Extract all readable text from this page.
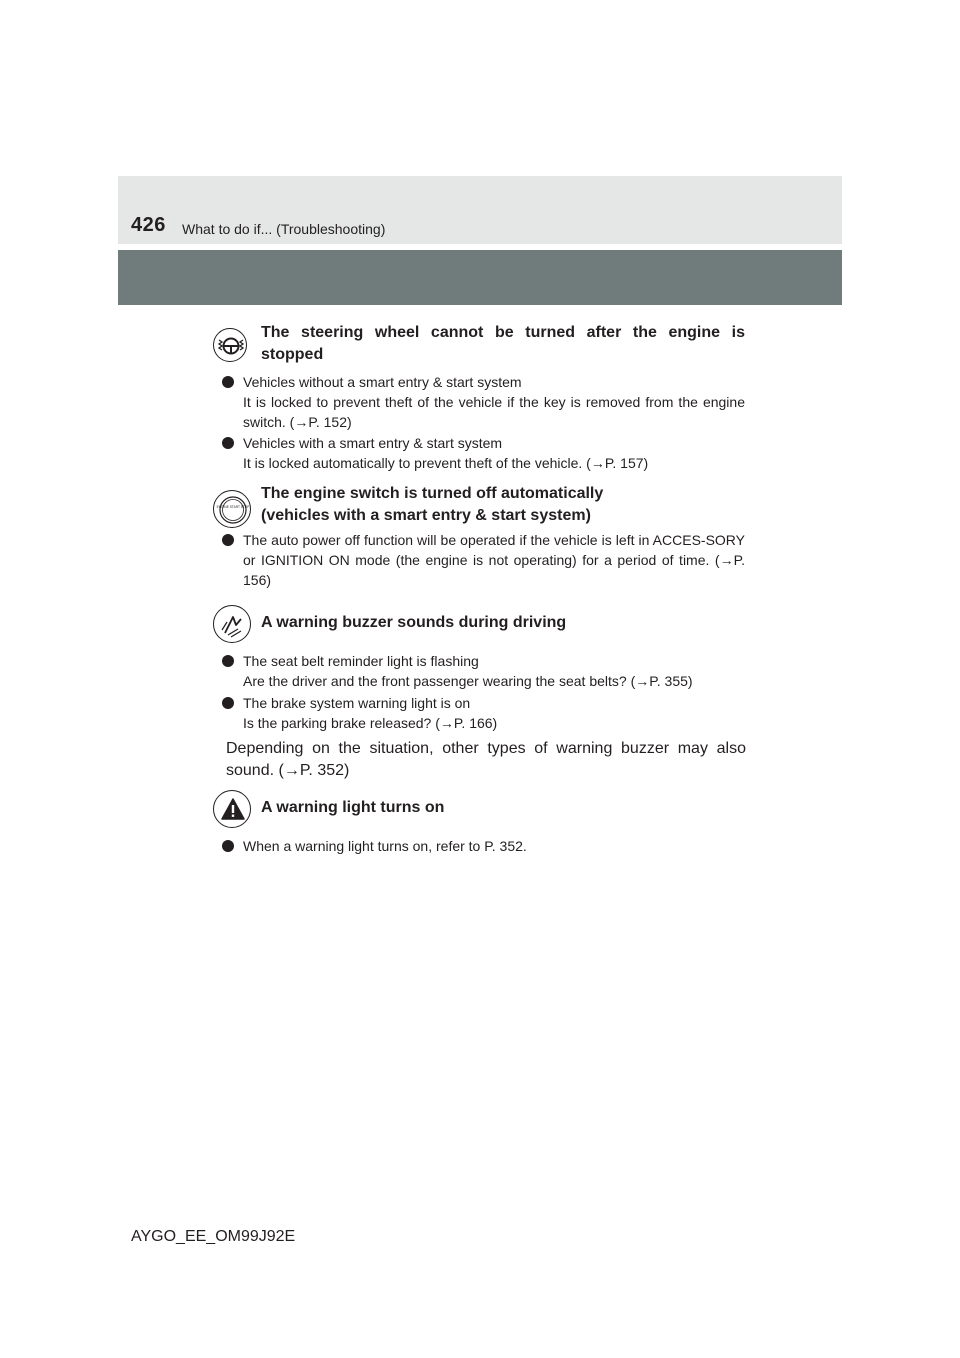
426 What to do if... (Troubleshooting)
The steering wheel cannot be turned after the engine is stopped
Vehicles without a smart entry & start system
It is locked to prevent theft of the vehicle if the key is removed from the engine switch. (→P. 152)
Vehicles with a smart entry & start system
It is locked automatically to prevent theft of the vehicle. (→P. 157)
ENGINE START STOP
The engine switch is turned off automatically
(vehicles with a smart entry & start system)
The auto power off function will be operated if the vehicle is left in ACCES-SORY or IGNITION ON mode (the engine is not operating) for a period of time. (→P. 156)
A warning buzzer sounds during driving
The seat belt reminder light is flashing
Are the driver and the front passenger wearing the seat belts? (→P. 355)
The brake system warning light is on
Is the parking brake released? (→P. 166)
Depending on the situation, other types of warning buzzer may also sound. (→P. 352)
A warning light turns on
When a warning light turns on, refer to P. 352.
AYGO_EE_OM99J92E
